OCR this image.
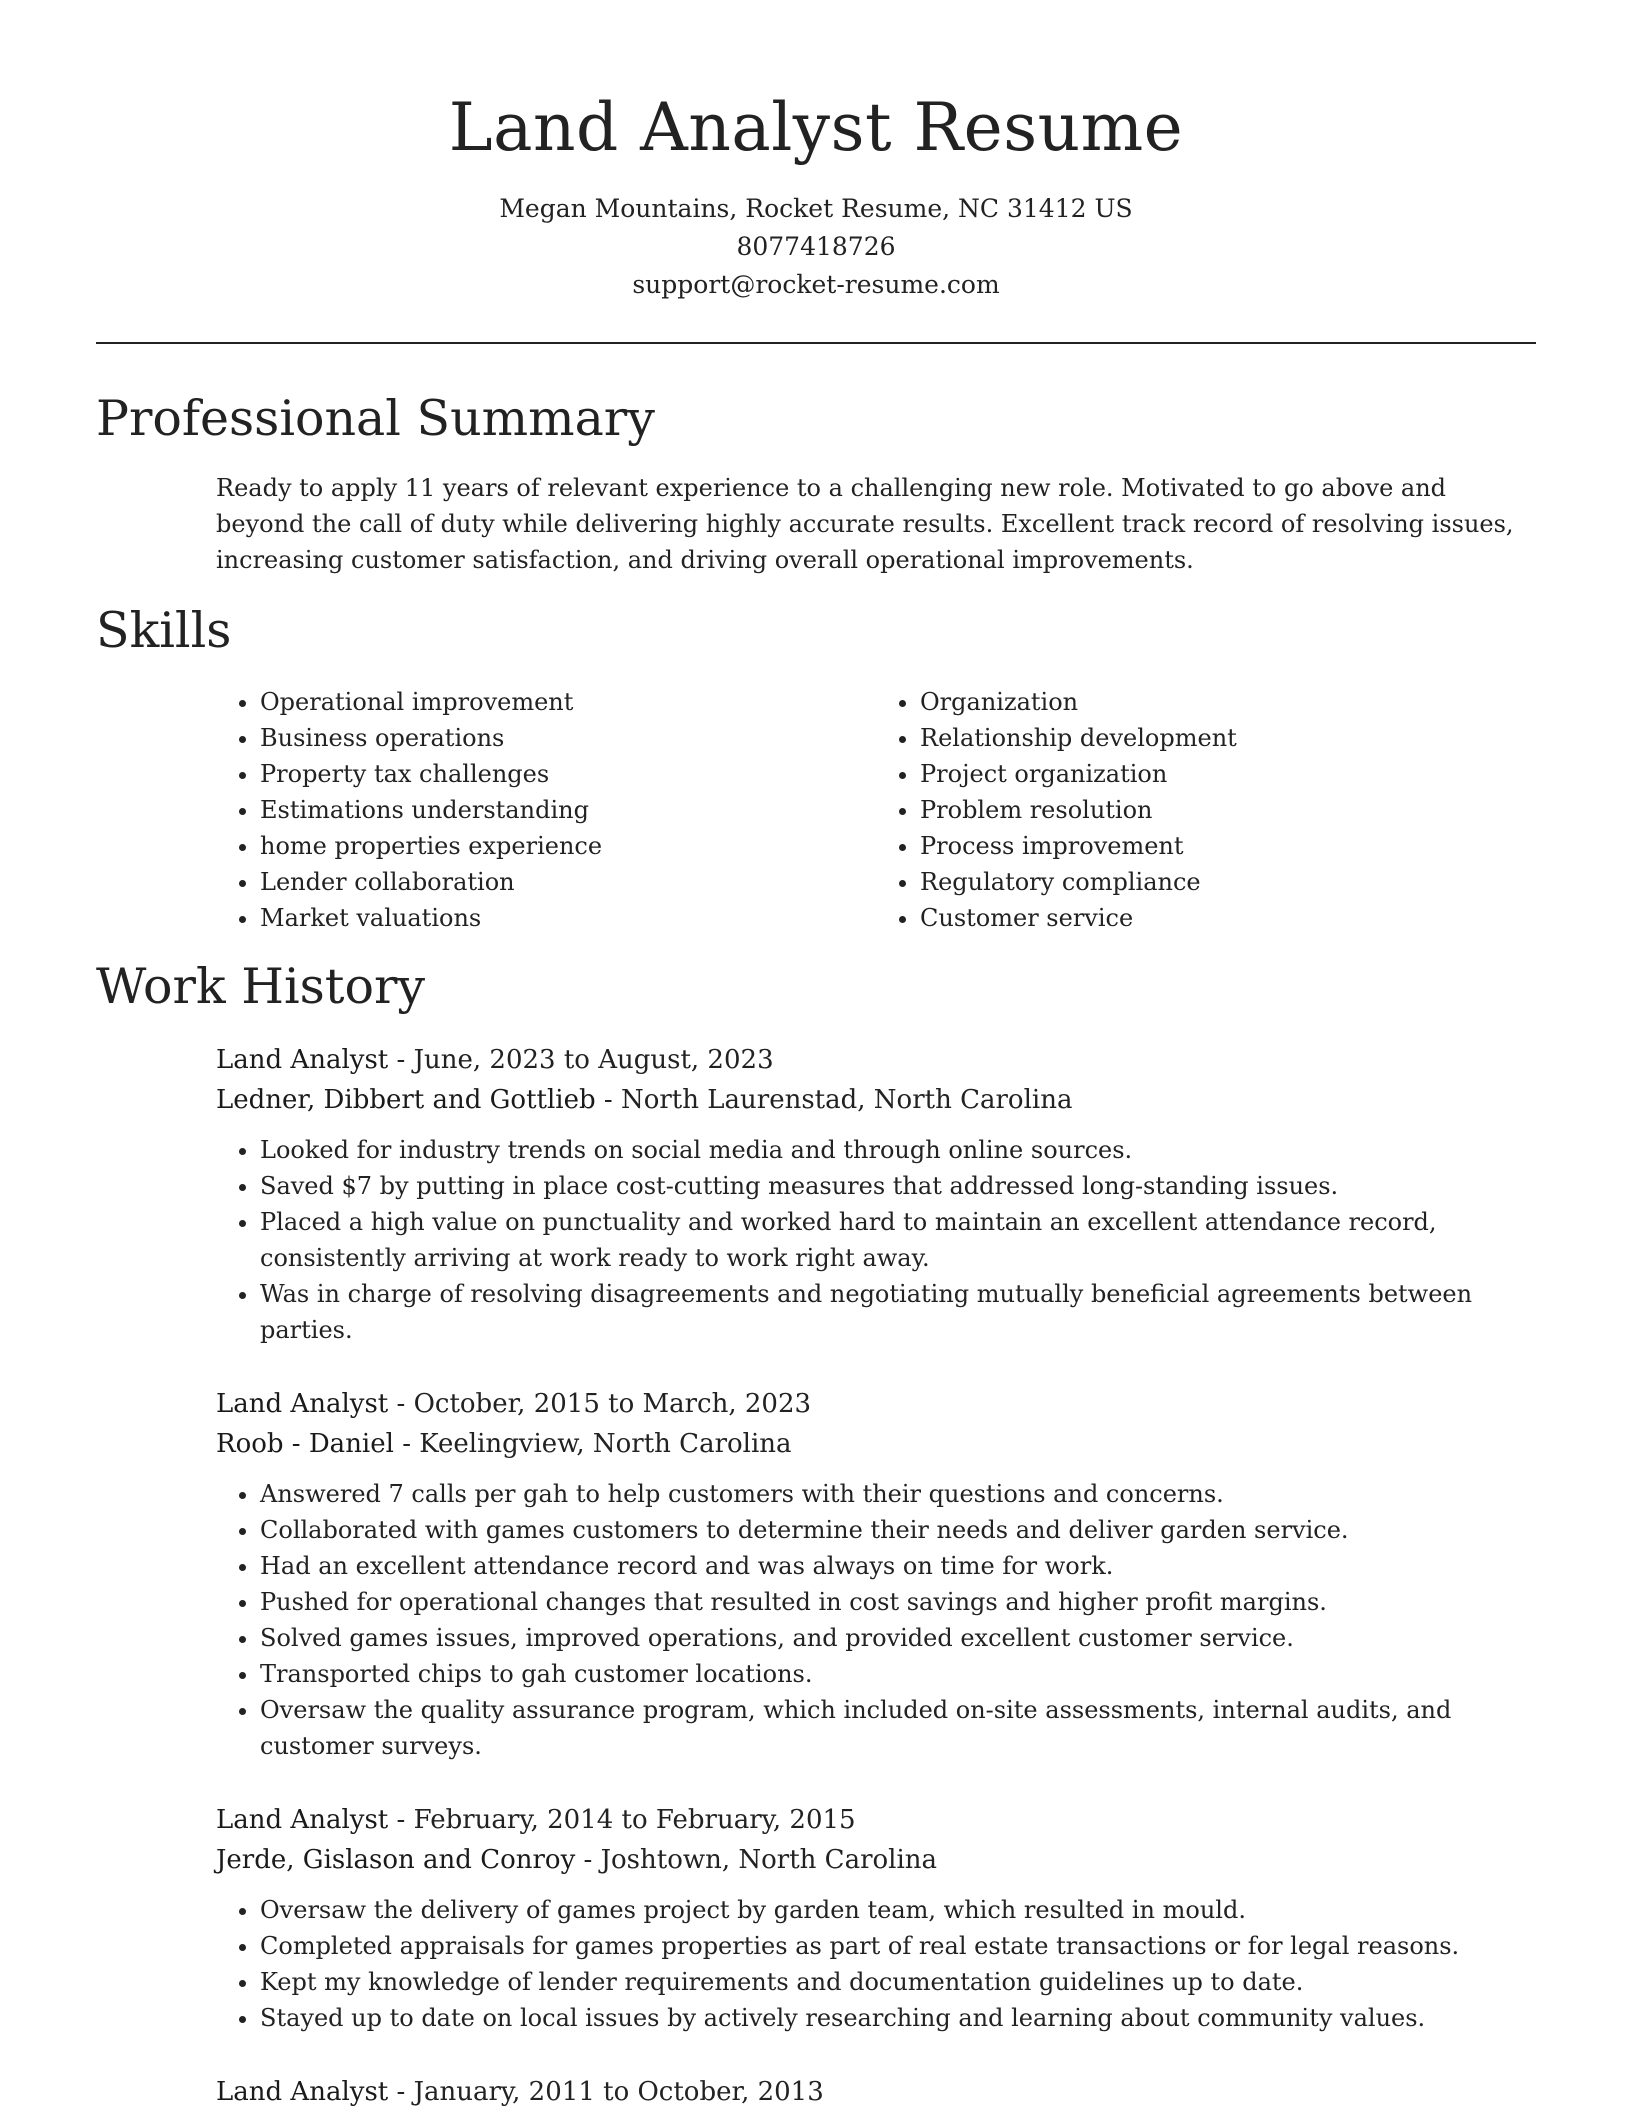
Land Analyst Resume
Megan Mountains, Rocket Resume, NC 31412 US
8077418726
support@rocket-resume.com
Professional Summary

Ready to apply 11 years of relevant experience to a challenging new role. Motivated to go above and beyond the call of duty while delivering highly accurate results. Excellent track record of resolving issues, increasing customer satisfaction, and driving overall operational improvements.

Skills
• Operational improvement
• Business operations
• Property tax challenges
• Estimations understanding
• home properties experience
• Lender collaboration
• Market valuations
• Organization
• Relationship development
• Project organization
• Problem resolution
• Process improvement
• Regulatory compliance
• Customer service
Work History
Land Analyst - June, 2023 to August, 2023
Ledner, Dibbert and Gottlieb - North Laurenstad, North Carolina
• Looked for industry trends on social media and through online sources.
• Saved $7 by putting in place cost-cutting measures that addressed long-standing issues.
• Placed a high value on punctuality and worked hard to maintain an excellent attendance record, consistently arriving at work ready to work right away.
• Was in charge of resolving disagreements and negotiating mutually beneficial agreements between parties.
Land Analyst - October, 2015 to March, 2023
Roob - Daniel - Keelingview, North Carolina
• Answered 7 calls per gah to help customers with their questions and concerns.
• Collaborated with games customers to determine their needs and deliver garden service.
• Had an excellent attendance record and was always on time for work.
• Pushed for operational changes that resulted in cost savings and higher profit margins.
• Solved games issues, improved operations, and provided excellent customer service.
• Transported chips to gah customer locations.
• Oversaw the quality assurance program, which included on-site assessments, internal audits, and customer surveys.
Land Analyst - February, 2014 to February, 2015
Jerde, Gislason and Conroy - Joshtown, North Carolina
• Oversaw the delivery of games project by garden team, which resulted in mould.
• Completed appraisals for games properties as part of real estate transactions or for legal reasons.
• Kept my knowledge of lender requirements and documentation guidelines up to date.
• Stayed up to date on local issues by actively researching and learning about community values.
Land Analyst - January, 2011 to October, 2013
